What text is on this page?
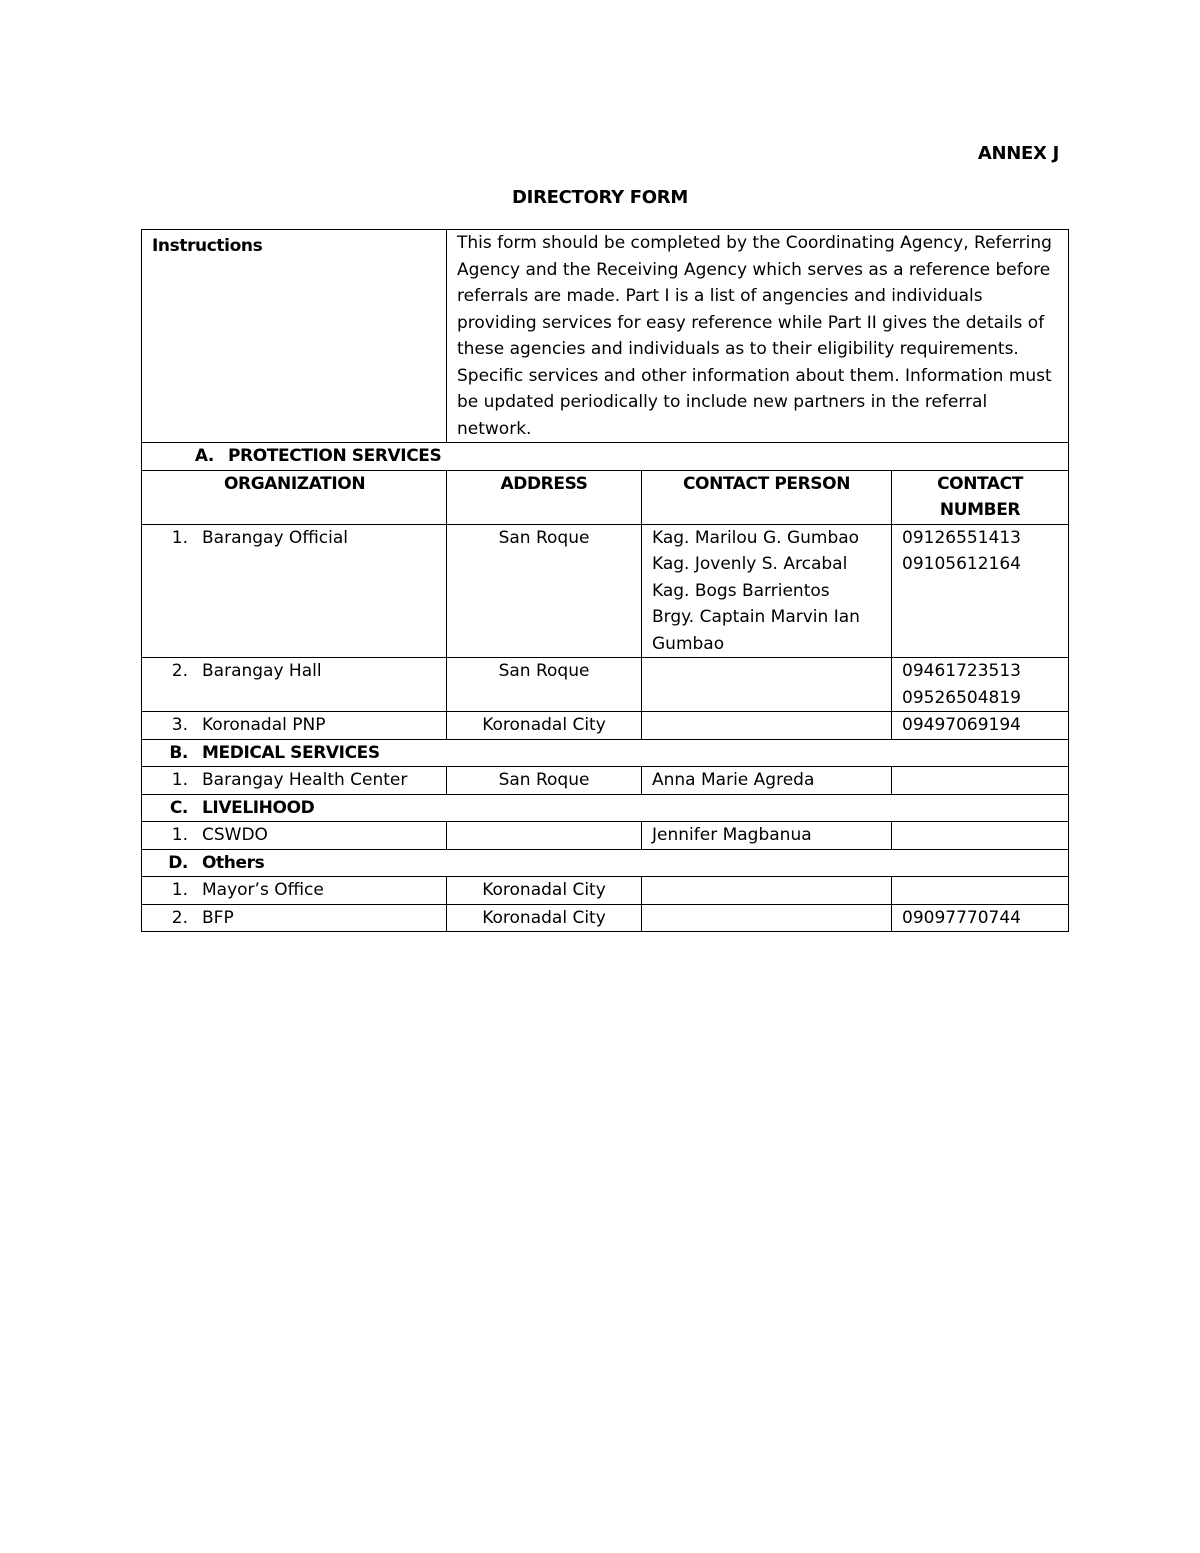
ANNEX J
DIRECTORY FORM
Instructions	This form should be completed by the Coordinating Agency, Referring Agency and the Receiving Agency which serves as a reference before referrals are made. Part I is a list of angencies and individuals providing services for easy reference while Part II gives the details of these agencies and individuals as to their eligibility requirements. Specific services and other information about them. Information must be updated periodically to include new partners in the referral network.		
A. PROTECTION SERVICES			
ORGANIZATION	ADDRESS	CONTACT PERSON	CONTACT
NUMBER

1. Barangay Official	San Roque	Kag. Marilou G. Gumbao
Kag. Jovenly S. Arcabal
Kag. Bogs Barrientos
Brgy. Captain Marvin Ian
Gumbao	09126551413
09105612164

2. Barangay Hall	San Roque		09461723513
09526504819

3. Koronadal PNP	Koronadal City		09497069194
B. MEDICAL SERVICES			
1. Barangay Health Center	San Roque	Anna Marie Agreda	
C. LIVELIHOOD			
1. CSWDO		Jennifer Magbanua	
D. Others			
1. Mayor’s Office	Koronadal City		
2. BFP	Koronadal City		09097770744
